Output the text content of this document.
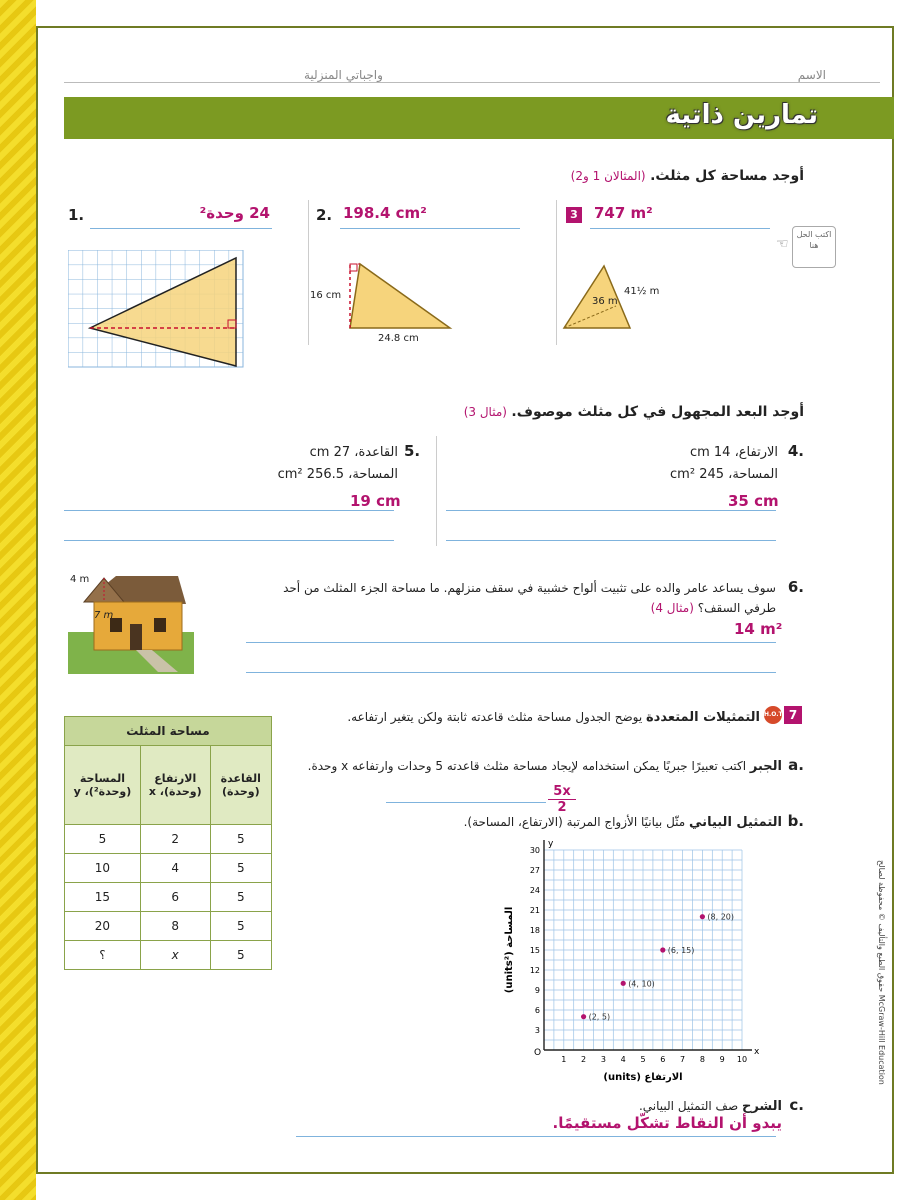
الاسم
واجباتي المنزلية
تمارين ذاتية
أوجد مساحة كل مثلث. (المثالان 1 و2)
1.	24 وحدة²	2. 198.4 cm²
16 cm
24.8 cm
3 747 m²
اكتب الحل هنا
☜
36 m
41½ m
أوجد البعد المجهول في كل مثلث موصوف. (مثال 3)
4.
الارتفاع، 14 cm
المساحة، 245 cm²
35 cm
5.
القاعدة، 27 cm
المساحة، 256.5 cm²
19 cm
6.
سوف يساعد عامر والده على تثبيت ألواح خشبية في سقف منزلهم. ما مساحة الجزء المثلث من أحد طرفي السقف؟ (مثال 4)
14 m²
4 m
7 m
7
H.O.T
التمثيلات المتعددة يوضح الجدول مساحة مثلث قاعدته ثابتة ولكن يتغير ارتفاعه.
a.
الجبر اكتب تعبيرًا جبريًا يمكن استخدامه لإيجاد مساحة مثلث قاعدته 5 وحدات وارتفاعه x وحدة.
$\frac{5x}{2}$
b.
التمثيل البياني مثّل بيانيًا الأزواج المرتبة (الارتفاع، المساحة).
x
y
O
1 2 3 4 5 6 7 8 9 10
3
6
9
12
15
18
21
24
27
30
الارتفاع (units)
المساحة (units²)
(2, 5)
(4, 10)
(6, 15)
(8, 20)
c.
الشرح صف التمثيل البياني.
يبدو أن النقاط تشكّل مستقيمًا.
مساحة المثلث		
القاعدة (وحدة)	الارتفاع (وحدة)، x	المساحة (وحدة²)، y
5	2	5
5	4	10
5	6	15
5	8	20
5	x	؟	McGraw-Hill Education حقوق الطبع والتأليف © محفوظة لصالح
